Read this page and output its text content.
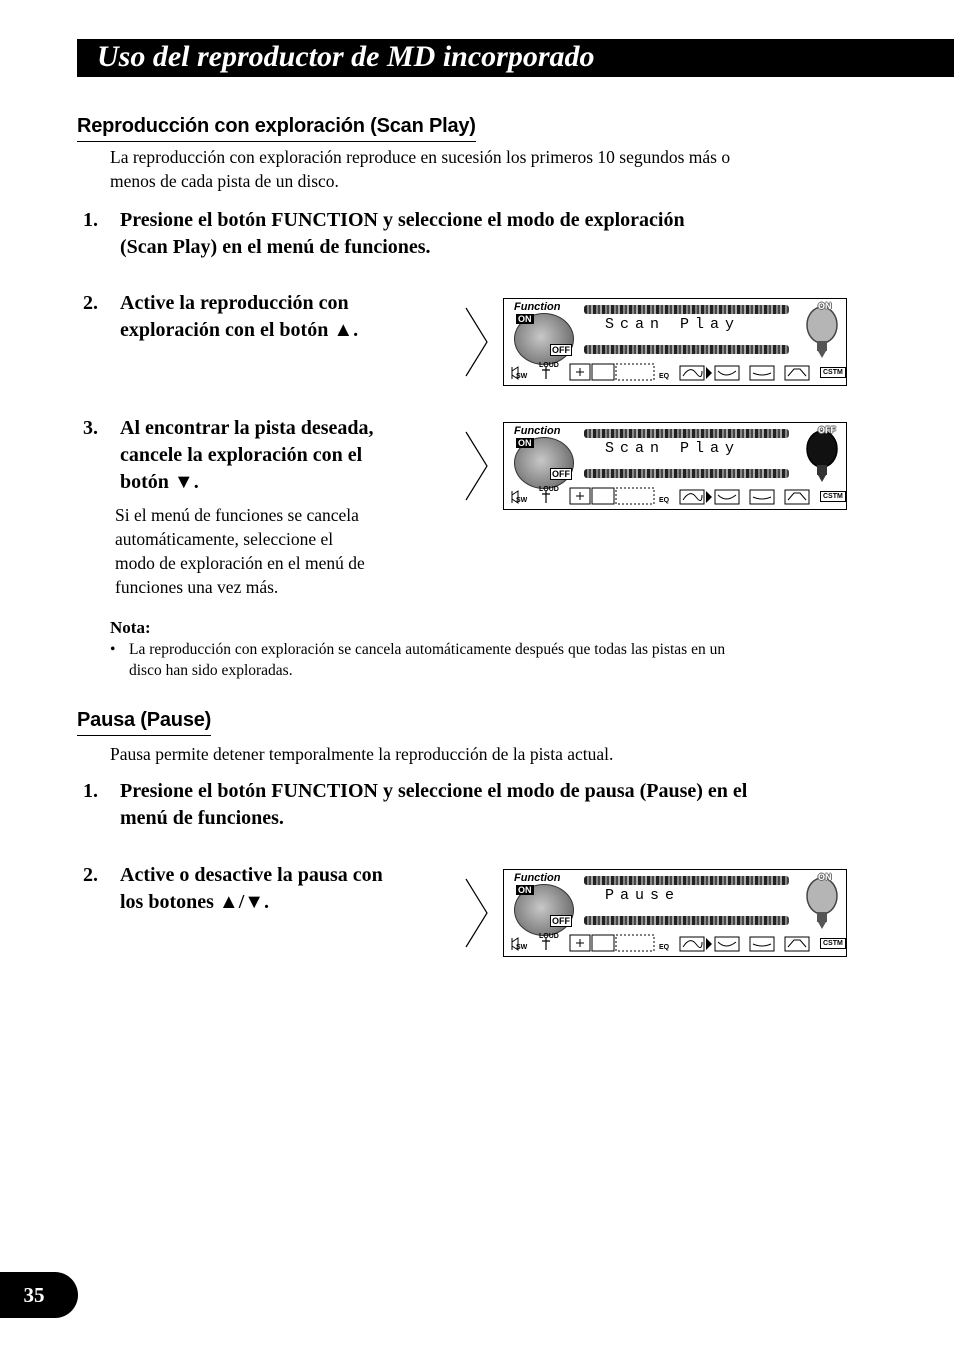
Uso del reproductor de MD incorporado
Reproducción con exploración (Scan Play)
La reproducción con exploración reproduce en sucesión los primeros 10 segundos más o
menos de cada pista de un disco.
1. Presione el botón FUNCTION y seleccione el modo de exploración
(Scan Play) en el menú de funciones.
2. Active la reproducción con
exploración con el botón ▲.
3. Al encontrar la pista deseada,
cancele la exploración con el
botón ▼.
Si el menú de funciones se cancela
automáticamente, seleccione el
modo de exploración en el menú de
funciones una vez más.
Nota:
• La reproducción con exploración se cancela automáticamente después que todas las pistas en un
disco han sido exploradas.
Pausa (Pause)
Pausa permite detener temporalmente la reproducción de la pista actual.
1. Presione el botón FUNCTION y seleccione el modo de pausa (Pause) en el
menú de funciones.
2. Active o desactive la pausa con
los botones ▲/▼.
Function
ON
OFF
Scan Play
ON
SW
LOUD
EQ
CSTM
Function
ON
OFF
Scan Play
OFF
SW
LOUD
EQ
CSTM
Function
ON
OFF
Pause
ON
SW
LOUD
EQ
CSTM
35
